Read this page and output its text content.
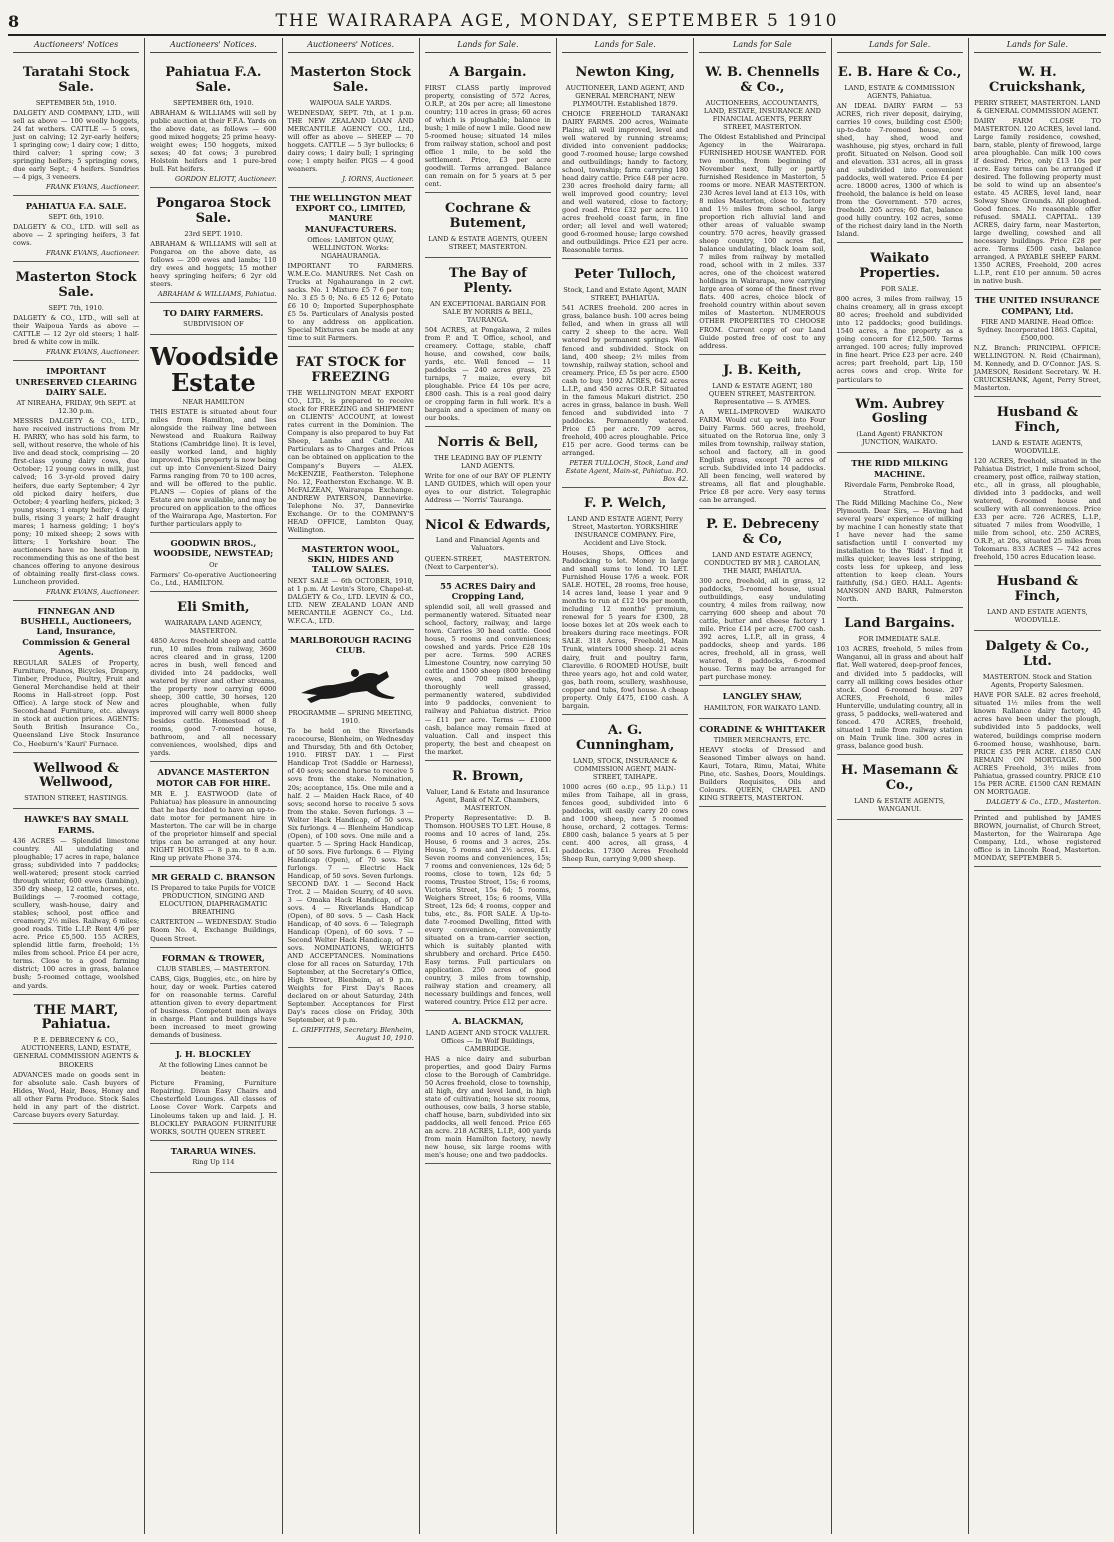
8	THE WAIRARAPA AGE, MONDAY, SEPTEMBER 5 1910
Auctioneers' Notices
Taratahi Stock Sale.
SEPTEMBER 5th, 1910.
DALGETY AND COMPANY, LTD., will sell as above — 100 woolly hoggets, 24 fat wethers. CATTLE — 5 cows, just on calving; 12 2yr-early heifers; 1 springing cow; 1 dairy cow; 1 ditto, third calver; 1 spring cow; 3 springing heifers; 5 springing cows, due early Sept.; 4 heifers. Sundries — 4 pigs, 3 veneers.
FRANK EVANS, Auctioneer.
PAHIATUA F.A. SALE.
SEPT. 6th, 1910.
DALGETY & CO., LTD. will sell as above — 2 springing heifers, 3 fat cows.
FRANK EVANS, Auctioneer.
Masterton Stock Sale.
SEPT. 7th, 1910.
DALGETY & CO., LTD., will sell at their Waipoua Yards as above — CATTLE — 12 2yr old steers; 1 half-bred & white cow in milk.
FRANK EVANS, Auctioneer.
IMPORTANT UNRESERVED CLEARING DAIRY SALE.
AT NIREAHA, FRIDAY, 9th SEPT. at 12.30 p.m.
MESSRS DALGETY & CO., LTD., have received instructions from Mr H. PARRY, who has sold his farm, to sell, without reserve, the whole of his live and dead stock, comprising — 20 first-class young dairy cows, due October; 12 young cows in milk, just calved; 16 3-yr-old proved dairy heifers, due early September; 4 2yr old picked dairy heifers, due October; 4 yearling heifers, picked; 3 young steers; 1 empty heifer; 4 dairy bulls, rising 3 years; 2 half draught mares; 1 harness gelding; 1 boy's pony; 10 mixed sheep; 2 sows with litters; 1 Yorkshire boar. The auctioneers have no hesitation in recommending this as one of the best chances offering to anyone desirous of obtaining really first-class cows. Luncheon provided.
FRANK EVANS, Auctioneer.
FINNEGAN AND BUSHELL, Auctioneers, Land, Insurance, Commission & General Agents.
REGULAR SALES of Property, Furniture, Pianos, Bicycles, Drapery, Timber, Produce, Poultry, Fruit and General Merchandise held at their Rooms in Hall-street (opp. Post Office). A large stock of New and Second-hand Furniture, etc. always in stock at auction prices. AGENTS: South British Insurance Co., Queensland Live Stock Insurance Co., Heeburn's 'Kauri' Furnace.
Wellwood & Wellwood,
STATION STREET, HASTINGS.
HAWKE'S BAY SMALL FARMS.
436 ACRES — Splendid limestone country. All undulating and ploughable; 17 acres in rape, balance grass; subdivided into 7 paddocks; well-watered; present stock carried through winter, 600 ewes (lambing), 350 dry sheep, 12 cattle, horses, etc. Buildings — 7-roomed cottage, scullery, wash-house, dairy and stables; school, post office and creamery, 2½ miles. Railway, 6 miles; good roads. Title L.I.P. Rent 4/6 per acre. Price £5,500. 155 ACRES, splendid little farm, freehold; 1½ miles from school. Price £4 per acre, terms. Close to a good farming district; 100 acres in grass, balance bush; 5-roomed cottage, woolshed and yards.
THE MART, Pahiatua.
P. E. DEBRECENY & CO., AUCTIONEERS, LAND, ESTATE, GENERAL COMMISSION AGENTS & BROKERS
ADVANCES made on goods sent in for absolute sale. Cash buyers of Hides, Wool, Hair, Bees, Honey and all other Farm Produce. Stock Sales held in any part of the district. Carcase buyers every Saturday.
Auctioneers' Notices.
Pahiatua F.A. Sale.
SEPTEMBER 6th, 1910.
ABRAHAM & WILLIAMS will sell by public auction at their F.F.A. Yards on the above date, as follows — 600 good mixed hoggets; 25 prime heavy-weight ewes; 150 hoggets, mixed sexes; 40 fat cows; 3 purebred Holstein heifers and 1 pure-bred bull. Fat heifers.
GORDON ELIOTT, Auctioneer.
Pongaroa Stock Sale.
23rd SEPT. 1910.
ABRAHAM & WILLIAMS will sell at Pongaroa on the above date, as follows — 200 ewes and lambs; 110 dry ewes and hoggets; 15 mother heavy springing heifers; 6 2yr old steers.
ABRAHAM & WILLIAMS, Pahiatua.
TO DAIRY FARMERS.
SUBDIVISION OF
Woodside Estate
NEAR HAMILTON
THIS ESTATE is situated about four miles from Hamilton, and lies alongside the railway line between Newstead and Ruakura Railway Stations (Cambridge line). It is level, easily worked land, and highly improved. This property is now being cut up into Convenient-Sized Dairy Farms ranging from 70 to 100 acres, and will be offered to the public. PLANS — Copies of plans of the Estate are now available, and may be procured on application to the offices of the Wairarapa Age, Masterton. For further particulars apply to
GOODWIN BROS., WOODSIDE, NEWSTEAD;
Or
Farmers' Co-operative Auctioneering Co., Ltd., HAMILTON.
Eli Smith,
WAIRARAPA LAND AGENCY, MASTERTON.
4850 Acres freehold sheep and cattle run, 10 miles from railway, 3600 acres cleared and in grass, 1200 acres in bush, well fenced and divided into 24 paddocks, well watered by river and other streams, the property now carrying 6000 sheep, 300 cattle, 30 horses, 120 acres ploughable, when fully improved will carry well 8000 sheep besides cattle. Homestead of 8 rooms, good 7-roomed house, bathroom, and all necessary conveniences, woolshed, dips and yards.
ADVANCE MASTERTON MOTOR CAB FOR HIRE.
MR E. J. EASTWOOD (late of Pahiatua) has pleasure in announcing that he has decided to have an up-to-date motor for permanent hire in Masterton. The car will be in charge of the proprietor himself and special trips can be arranged at any hour. NIGHT HOURS — 8 p.m. to 8 a.m. Ring up private Phone 374.
MR GERALD C. BRANSON
IS Prepared to take Pupils for VOICE PRODUCTION, SINGING AND ELOCUTION, DIAPHRAGMATIC BREATHING
CARTERTON — WEDNESDAY. Studio Room No. 4, Exchange Buildings, Queen Street.
FORMAN & TROWER,
CLUB STABLES, — MASTERTON.
CABS, Gigs, Buggies, etc., on hire by hour, day or week. Parties catered for on reasonable terms. Careful attention given to every department of business. Competent men always in charge. Plant and buildings have been increased to meet growing demands of business.
J. H. BLOCKLEY
At the following Lines cannot be beaten:
Picture Framing, Furniture Repairing. Divan Easy Chairs and Chesterfield Lounges. All classes of Loose Cover Work. Carpets and Linoleums taken up and laid. J. H. BLOCKLEY PARAGON FURNITURE WORKS, SOUTH QUEEN STREET.
TARARUA WINES.
Ring Up 114
Auctioneers' Notices.
Masterton Stock Sale.
WAIPOUA SALE YARDS.
WEDNESDAY, SEPT. 7th, at 1 p.m. THE NEW ZEALAND LOAN AND MERCANTILE AGENCY CO., Ltd., will offer as above — SHEEP — 70 hoggets. CATTLE — 5 3yr bullocks; 6 dairy cows; 1 dairy bull; 1 springing cow; 1 empty heifer. PIGS — 4 good weaners.
J. IORNS, Auctioneer.
THE WELLINGTON MEAT EXPORT CO., LIMITED, MANURE MANUFACTURERS.
Offices: LAMBTON QUAY, WELLINGTON. Works: NGAHAURANGA.
IMPORTANT TO FARMERS. W.M.E.Co. MANURES. Net Cash on Trucks at Ngahauranga in 2 cwt. sacks. No. 1 Mixture £5 7 6 per ton; No. 3 £5 5 0; No. 6 £5 12 6; Potato £6 10 0; Imported Superphosphate £5 5s. Particulars of Analysis posted to any address on application. Special Mixtures can be made at any time to suit Farmers.
FAT STOCK for FREEZING
THE WELLINGTON MEAT EXPORT CO., LTD., is prepared to receive stock for FREEZING and SHIPMENT on CLIENTS' ACCOUNT, at lowest rates current in the Dominion. The Company is also prepared to buy Fat Sheep, Lambs and Cattle. All Particulars as to Charges and Prices can be obtained on application to the Company's Buyers — ALEX. McKENZIE, Featherston. Telephone No. 12, Featherston Exchange. W. B. McFALZEAN, Wairarapa Exchange. ANDREW PATERSON, Dannevirke. Telephone No. 37, Dannevirke Exchange. Or to the COMPANY'S HEAD OFFICE, Lambton Quay, Wellington.
MASTERTON WOOL, SKIN, HIDES AND TALLOW SALES.
NEXT SALE — 6th OCTOBER, 1910, at 1 p.m. At Levin's Store, Chapel-st. DALGETY & Co., LTD. LEVIN & CO., LTD. NEW ZEALAND LOAN AND MERCANTILE AGENCY Co., Ltd. W.F.C.A., LTD.
MARLBOROUGH RACING CLUB.
PROGRAMME — SPRING MEETING, 1910.
To be held on the Riverlands racecourse, Blenheim, on Wednesday and Thursday, 5th and 6th October, 1910. FIRST DAY. 1 — First Handicap Trot (Saddle or Harness), of 40 sovs; second horse to receive 5 sovs from the stake. Nomination, 20s; acceptance, 15s. One mile and a half. 2 — Maiden Hack Race, of 40 sovs; second horse to receive 5 sovs from the stake. Seven furlongs. 3 — Welter Hack Handicap, of 50 sovs. Six furlongs. 4 — Blenheim Handicap (Open), of 100 sovs. One mile and a quarter. 5 — Spring Hack Handicap, of 50 sovs. Five furlongs. 6 — Flying Handicap (Open), of 70 sovs. Six furlongs. 7 — Electric Hack Handicap, of 50 sovs. Seven furlongs. SECOND DAY. 1 — Second Hack Trot. 2 — Maiden Scurry, of 40 sovs. 3 — Omaka Hack Handicap, of 50 sovs. 4 — Riverlands Handicap (Open), of 80 sovs. 5 — Cash Hack Handicap, of 40 sovs. 6 — Telegraph Handicap (Open), of 60 sovs. 7 — Second Welter Hack Handicap, of 50 sovs. NOMINATIONS, WEIGHTS AND ACCEPTANCES. Nominations close for all races on Saturday, 17th September, at the Secretary's Office, High Street, Blenheim, at 9 p.m. Weights for First Day's Races declared on or about Saturday, 24th September. Acceptances for First Day's races close on Friday, 30th September, at 9 p.m.
L. GRIFFITHS, Secretary. Blenheim, August 10, 1910.
Lands for Sale.
A Bargain.
FIRST CLASS partly improved property, consisting of 572 Acres, O.R.P., at 20s per acre; all limestone country; 110 acres in grass; 60 acres of which is ploughable; balance in bush; 1 mile of new 1 mile. Good new 5-roomed house; situated 14 miles from railway station, school and post office 1 mile, to be sold the settlement. Price, £3 per acre goodwill. Terms arranged. Balance can remain on for 5 years at 5 per cent.
Cochrane & Butement,
LAND & ESTATE AGENTS, QUEEN STREET, MASTERTON.
The Bay of Plenty.
AN EXCEPTIONAL BARGAIN FOR SALE BY NORRIS & BELL, TAURANGA.
504 ACRES, at Pongakawa, 2 miles from P. and T. Office, school, and creamery. Cottage, stable, chaff house, and cowshed, cow bails, yards, etc. Well fenced — 11 paddocks — 240 acres grass, 25 turnips, 7 maize, every bit ploughable. Price £4 10s per acre, £800 cash. This is a real good dairy or cropping farm in full work. It's a bargain and a specimen of many on our books.
Norris & Bell,
THE LEADING BAY OF PLENTY LAND AGENTS.
Write for one of our BAY OF PLENTY LAND GUIDES, which will open your eyes to our district. Telegraphic Address — 'Norris' Tauranga.
Nicol & Edwards,
Land and Financial Agents and Valuators.
QUEEN-STREET, MASTERTON. (Next to Carpenter's).
55 ACRES Dairy and Cropping Land,
splendid soil, all well grassed and permanently watered. Situated near school, factory, railway, and large town. Carries 30 head cattle. Good house, 5 rooms and conveniences; cowshed and yards. Price £28 10s per acre. Terms. 590 ACRES Limestone Country, now carrying 50 cattle and 1500 sheep (800 breeding ewes, and 700 mixed sheep), thoroughly well grassed, permanently watered, subdivided into 9 paddocks, convenient to railway and Pahiatua district. Price — £11 per acre. Terms — £1000 cash, balance may remain fixed at valuation. Call and inspect this property, the best and cheapest on the market.
R. Brown,
Valuer, Land & Estate and Insurance Agent, Bank of N.Z. Chambers, MASTERTON.
Property Representative: D. B. Thomson. HOUSES TO LET. House, 8 rooms and 10 acres of land, 25s. House, 6 rooms and 3 acres, 25s. House, 5 rooms and 2½ acres, £1. Seven rooms and conveniences, 15s; 7 rooms and conveniences, 12s 6d; 5 rooms, close to town, 12s 6d; 5 rooms, Trustee Street, 15s; 6 rooms, Victoria Street, 15s 6d; 5 rooms, Weighers Street, 15s; 6 rooms, Villa Street, 12s 6d; 4 rooms, copper and tubs, etc., 8s. FOR SALE. A Up-to-date 7-roomed Dwelling, fitted with every convenience, conveniently situated on a tram-carrier section, which is suitably planted with shrubbery and orchard. Price £450. Easy terms. Full particulars on application. 250 acres of good country, 3 miles from township, railway station and creamery, all necessary buildings and fences, well watered country. Price £12 per acre.
A. BLACKMAN,
LAND AGENT AND STOCK VALUER. Offices — In Wolf Buildings, CAMBRIDGE.
HAS a nice dairy and suburban properties, and good Dairy Farms close to the Borough of Cambridge. 50 Acres freehold, close to township, all high, dry and level land, in high state of cultivation; house six rooms, outhouses, cow bails, 3 horse stable, chaff house, barn, subdivided into six paddocks, all well fenced. Price £65 an acre. 218 ACRES, L.I.P., 400 yards from main Hamilton factory, newly new house, six large rooms with men's house; one and two paddocks.
Lands for Sale.
Newton King,
AUCTIONEER, LAND AGENT, AND GENERAL MERCHANT, NEW PLYMOUTH. Established 1879.
CHOICE FREEHOLD TARANAKI DAIRY FARMS. 200 acres, Waimate Plains; all well improved, level and well watered by running streams; divided into convenient paddocks; good 7-roomed house; large cowshed and outbuildings; handy to factory, school, township; farm carrying 180 head dairy cattle. Price £48 per acre. 230 acres freehold dairy farm; all well improved good country; level and well watered, close to factory; good road. Price £32 per acre. 110 acres freehold coast farm, in fine order; all level and well watered; good 6-roomed house; large cowshed and outbuildings. Price £21 per acre. Reasonable terms.
Peter Tulloch,
Stock, Land and Estate Agent, MAIN STREET, PAHIATUA.
541 ACRES freehold. 200 acres in grass, balance bush. 100 acres being felled, and when in grass all will carry 2 sheep to the acre. Well watered by permanent springs. Well fenced and subdivided. Stock on land, 400 sheep; 2½ miles from township, railway station, school and creamery. Price, £5 5s per acre. £500 cash to buy. 1092 ACRES, 642 acres L.I.P., and 450 acres O.R.P. Situated in the famous Makuri district. 250 acres in grass, balance in bush. Well fenced and subdivided into 7 paddocks. Permanently watered. Price £5 per acre. 709 acres, freehold, 400 acres ploughable. Price £15 per acre. Good terms can be arranged.
PETER TULLOCH, Stock, Land and Estate Agent, Main-st, Pahiatua. P.O. Box 42.
F. P. Welch,
LAND AND ESTATE AGENT, Perry Street, Masterton. YORKSHIRE INSURANCE COMPANY. Fire, Accident and Live Stock.
Houses, Shops, Offices and Paddocking to let. Money in large and small sums to lend. TO LET. Furnished House 17/6 a week. FOR SALE. HOTEL, 28 rooms, free house, 14 acres land, lease 1 year and 9 months to run at £12 10s per month, including 12 months' premium, renewal for 5 years for £300, 28 loose boxes let at 20s week each to breakers during race meetings. FOR SALE. 318 Acres, Freehold, Main Trunk, winters 1000 sheep. 21 acres dairy, fruit and poultry farm, Clareville. 6 ROOMED HOUSE, built three years ago, hot and cold water, gas, bath room, scullery, washhouse, copper and tubs, fowl house. A cheap property. Only £475, £100 cash. A bargain.
A. G. Cunningham,
LAND, STOCK, INSURANCE & COMMISSION AGENT, MAIN-STREET, TAIHAPE.
1000 acres (60 o.r.p., 95 l.i.p.) 11 miles from Taihape, all in grass, fences good, subdivided into 6 paddocks, will easily carry 20 cows and 1000 sheep, new 5 roomed house, orchard, 2 cottages. Terms: £800 cash, balance 5 years at 5 per cent. 400 acres, all grass, 4 paddocks. 17300 Acres Freehold Sheep Run, carrying 9,000 sheep.
Lands for Sale
W. B. Chennells & Co.,
AUCTIONEERS, ACCOUNTANTS, LAND, ESTATE, INSURANCE AND FINANCIAL AGENTS, PERRY STREET, MASTERTON.
The Oldest Established and Principal Agency in the Wairarapa. FURNISHED HOUSE WANTED. FOR two months, from beginning of November next, fully or partly furnished Residence in Masterton, 5 rooms or more. NEAR MASTERTON. 230 Acres level land at £13 10s, with 8 miles Masterton, close to factory and 1½ miles from school, large proportion rich alluvial land and other areas of valuable swamp country. 570 acres, heavily grassed sheep country, 100 acres flat, balance undulating, black loam soil, 7 miles from railway by metalled road, school with in 2 miles. 337 acres, one of the choicest watered holdings in Wairarapa, now carrying large area of some of the finest river flats. 400 acres, choice block of freehold country within about seven miles of Masterton. NUMEROUS OTHER PROPERTIES TO CHOOSE FROM. Current copy of our Land Guide posted free of cost to any address.
J. B. Keith,
LAND & ESTATE AGENT, 180 QUEEN STREET, MASTERTON. Representative — S. AYMES.
A WELL-IMPROVED WAIKATO FARM. Would cut up well into Four Dairy Farms. 560 acres, freehold, situated on the Rotorua line, only 3 miles from township, railway station, school and factory, all in good English grass, except 70 acres of scrub. Subdivided into 14 paddocks. All been fencing, well watered by streams, all flat and ploughable. Price £8 per acre. Very easy terms can be arranged.
P. E. Debreceny & Co,
LAND AND ESTATE AGENCY, CONDUCTED BY MR J. CAROLAN, THE MART, PAHIATUA.
300 acre, freehold, all in grass, 12 paddocks, 5-roomed house, usual outbuildings, easy undulating country, 4 miles from railway, now carrying 600 sheep and about 70 cattle, butter and cheese factory 1 mile. Price £14 per acre, £700 cash. 392 acres, L.I.P., all in grass, 4 paddocks, sheep and yards. 186 acres, freehold, all in grass, well watered, 8 paddocks, 6-roomed house. Terms may be arranged for part purchase money.
LANGLEY SHAW,
HAMILTON, FOR WAIKATO LAND.
CORADINE & WHITTAKER
TIMBER MERCHANTS, ETC.
HEAVY stocks of Dressed and Seasoned Timber always on hand. Kauri, Totara, Rimu, Matai, White Pine, etc. Sashes, Doors, Mouldings. Builders Requisites, Oils and Colours. QUEEN, CHAPEL AND KING STREETS, MASTERTON.
Lands for Sale.
E. B. Hare & Co.,
LAND, ESTATE & COMMISSION AGENTS, Pahiatua.
AN IDEAL DAIRY FARM — 53 ACRES, rich river deposit, dairying, carries 19 cows, building cost £500; up-to-date 7-roomed house, cow shed, hay shed, wood and washhouse, pig styes, orchard in full profit. Situated on Nelson. Good soil and elevation. 331 acres, all in grass and subdivided into convenient paddocks, well watered. Price £4 per acre. 18000 acres, 1300 of which is freehold, the balance is held on lease from the Government. 570 acres, freehold. 205 acres; 60 flat, balance good hilly country. 102 acres, some of the richest dairy land in the North Island.
Waikato Properties.
FOR SALE.
800 acres, 3 miles from railway, 15 chains creamery, all in grass except 80 acres; freehold and subdivided into 12 paddocks; good buildings. 1540 acres, a fine property as a going concern for £12,500. Terms arranged. 100 acres; fully improved in fine heart. Price £23 per acre. 240 acres; part freehold, part Lip, 150 acres cows and crop. Write for particulars to
Wm. Aubrey Gosling
(Land Agent) FRANKTON JUNCTION, WAIKATO.
THE RIDD MILKING MACHINE.
Riverdale Farm, Pembroke Road, Stratford.
The Ridd Milking Machine Co., New Plymouth. Dear Sirs, — Having had several years' experience of milking by machine I can honestly state that I have never had the same satisfaction until I converted my installation to the 'Ridd'. I find it milks quicker, leaves less stripping, costs less for upkeep, and less attention to keep clean. Yours faithfully, (Sd.) GEO. HALL. Agents: MANSON AND BARR, Palmerston North.
Land Bargains.
FOR IMMEDIATE SALE.
103 ACRES, freehold, 5 miles from Wanganui, all in grass and about half flat. Well watered, deep-proof fences, and divided into 5 paddocks, will carry all milking cows besides other stock. Good 6-roomed house. 207 ACRES, Freehold, 6 miles Hunterville, undulating country, all in grass, 5 paddocks, well-watered and fenced. 470 ACRES, freehold, situated 1 mile from railway station on Main Trunk line. 300 acres in grass, balance good bush.
H. Masemann & Co.,
LAND & ESTATE AGENTS, WANGANUI.
Lands for Sale.
W. H. Cruickshank,
PERRY STREET, MASTERTON. LAND & GENERAL COMMISSION AGENT.
DAIRY FARM CLOSE TO MASTERTON. 120 ACRES, level land. Large family residence, cowshed, barn, stable, plenty of firewood, large area ploughable. Can milk 100 cows if desired. Price, only £13 10s per acre. Easy terms can be arranged if desired. The following property must be sold to wind up an absentee's estate. 45 ACRES, level land, near Solway Show Grounds. All ploughed. Good fences. No reasonable offer refused. SMALL CAPITAL. 139 ACRES, dairy farm, near Masterton, large dwelling, cowshed and all necessary buildings. Price £28 per acre. Terms £500 cash, balance arranged. A PAYABLE SHEEP FARM. 1350 ACRES, Freehold, 200 acres L.I.P., rent £10 per annum. 50 acres in native bush.
THE UNITED INSURANCE COMPANY, Ltd.
FIRE AND MARINE. Head Office: Sydney. Incorporated 1863. Capital, £500,000.
N.Z. Branch: PRINCIPAL OFFICE: WELLINGTON. N. Reid (Chairman), M. Kennedy, and D. O'Connor. JAS. S. JAMESON, Resident Secretary. W. H. CRUICKSHANK, Agent, Perry Street, Masterton.
Husband & Finch,
LAND & ESTATE AGENTS, WOODVILLE.
120 ACRES, freehold, situated in the Pahiatua District, 1 mile from school, creamery, post office, railway station, etc., all in grass, all ploughable, divided into 3 paddocks, and well watered, 6-roomed house and scullery with all conveniences. Price £33 per acre. 726 ACRES, L.I.P., situated 7 miles from Woodville, 1 mile from school, etc. 250 ACRES, O.R.P., at 20s, situated 25 miles from Tokomaru. 833 ACRES — 742 acres freehold, 150 acres Education lease.
Husband & Finch,
LAND AND ESTATE AGENTS, WOODVILLE.
Dalgety & Co., Ltd.
MASTERTON. Stock and Station Agents, Property Salesmen.
HAVE FOR SALE. 82 acres freehold, situated 1½ miles from the well known Rallance dairy factory, 45 acres have been under the plough, subdivided into 5 paddocks, well watered, buildings comprise modern 6-roomed house, washhouse, barn. PRICE £35 PER ACRE. £1850 CAN REMAIN ON MORTGAGE. 500 ACRES Freehold, 3½ miles from Pahiatua, grassed country. PRICE £10 15s PER ACRE. £1500 CAN REMAIN ON MORTGAGE.
DALGETY & Co., LTD., Masterton.
Printed and published by JAMES BROWN, journalist, of Church Street, Masterton, for the Wairarapa Age Company, Ltd., whose registered office is in Lincoln Road, Masterton. MONDAY, SEPTEMBER 5.
